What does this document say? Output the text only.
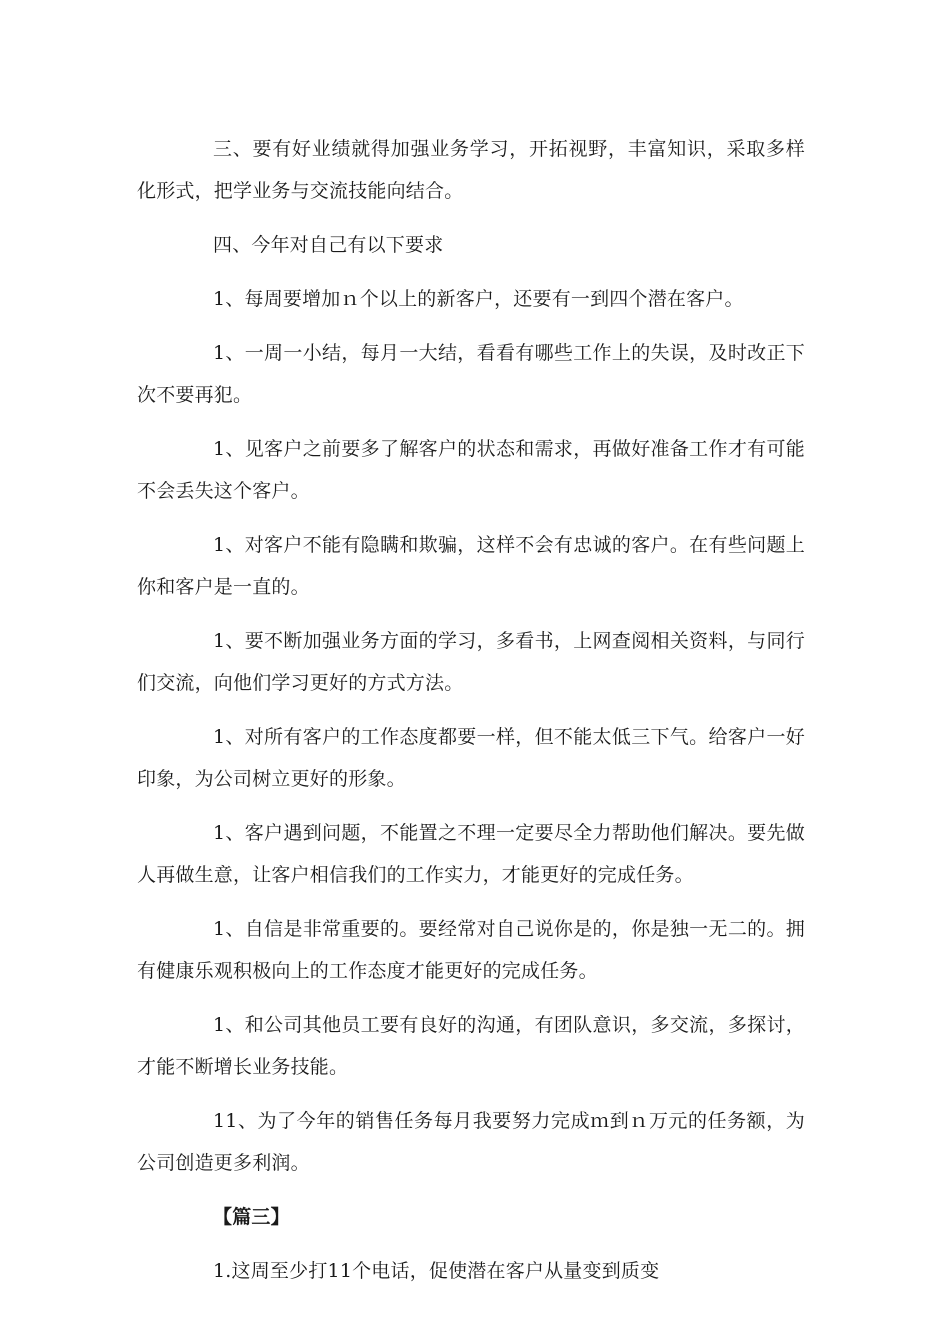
三、要有好业绩就得加强业务学习，开拓视野，丰富知识，采取多样化形式，把学业务与交流技能向结合。

四、今年对自己有以下要求

1、每周要增加ｎ个以上的新客户，还要有一到四个潜在客户。

1、一周一小结，每月一大结，看看有哪些工作上的失误，及时改正下次不要再犯。

1、见客户之前要多了解客户的状态和需求，再做好准备工作才有可能不会丢失这个客户。

1、对客户不能有隐瞒和欺骗，这样不会有忠诚的客户。在有些问题上你和客户是一直的。

1、要不断加强业务方面的学习，多看书，上网查阅相关资料，与同行们交流，向他们学习更好的方式方法。

1、对所有客户的工作态度都要一样，但不能太低三下气。给客户一好印象，为公司树立更好的形象。

1、客户遇到问题，不能置之不理一定要尽全力帮助他们解决。要先做人再做生意，让客户相信我们的工作实力，才能更好的完成任务。

1、自信是非常重要的。要经常对自己说你是的，你是独一无二的。拥有健康乐观积极向上的工作态度才能更好的完成任务。

1、和公司其他员工要有良好的沟通，有团队意识，多交流，多探讨，才能不断增长业务技能。

11、为了今年的销售任务每月我要努力完成ｍ到ｎ万元的任务额，为公司创造更多利润。

【篇三】

1.这周至少打11个电话，促使潜在客户从量变到质变
